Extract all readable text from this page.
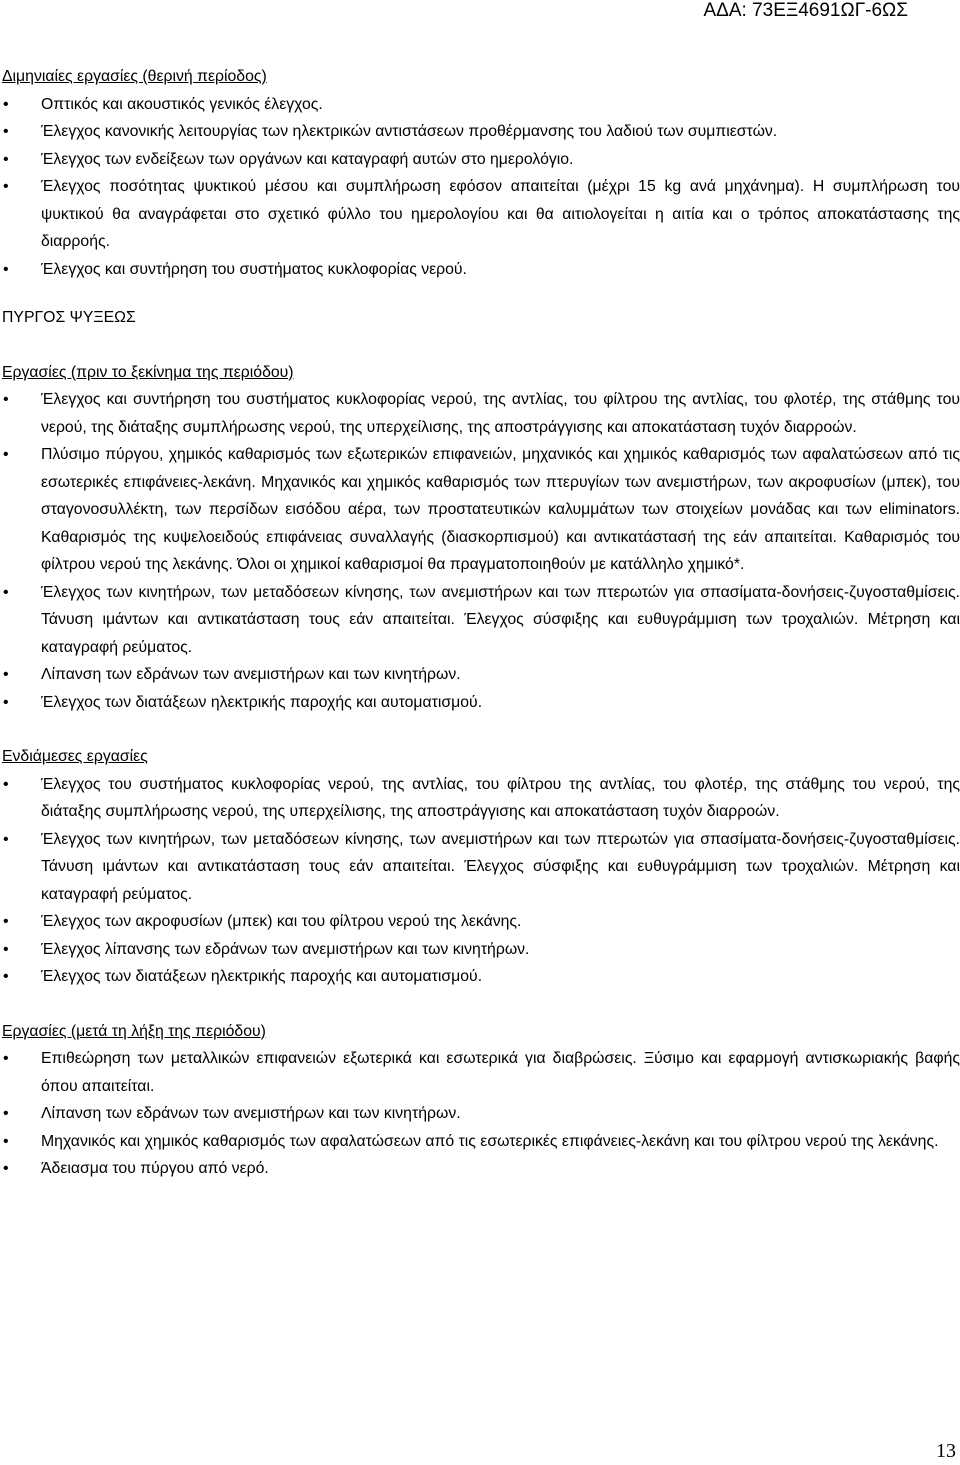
ΑΔΑ: 73ΕΞ4691ΩΓ-6ΩΣ

Διμηνιαίες εργασίες (θερινή περίοδος)

• Οπτικός και ακουστικός γενικός έλεγχος.
• Έλεγχος κανονικής λειτουργίας των ηλεκτρικών αντιστάσεων προθέρμανσης του λαδιού των συμπιεστών.
• Έλεγχος των ενδείξεων των οργάνων και καταγραφή αυτών στο ημερολόγιο.
• Έλεγχος ποσότητας ψυκτικού μέσου και συμπλήρωση εφόσον απαιτείται (μέχρι 15 kg ανά μηχάνημα). Η συμπλήρωση του ψυκτικού θα αναγράφεται στο σχετικό φύλλο του ημερολογίου και θα αιτιολογείται η αιτία και ο τρόπος αποκατάστασης της διαρροής.
• Έλεγχος και συντήρηση του συστήματος κυκλοφορίας νερού.

ΠΥΡΓΟΣ ΨΥΞΕΩΣ

Εργασίες (πριν το ξεκίνημα της περιόδου)

• Έλεγχος και συντήρηση του συστήματος κυκλοφορίας νερού, της αντλίας, του φίλτρου της αντλίας, του φλοτέρ, της στάθμης του νερού, της διάταξης συμπλήρωσης νερού, της υπερχείλισης, της αποστράγγισης και αποκατάσταση τυχόν διαρροών.
• Πλύσιμο πύργου, χημικός καθαρισμός των εξωτερικών επιφανειών, μηχανικός και χημικός καθαρισμός των αφαλατώσεων από τις εσωτερικές επιφάνειες-λεκάνη. Μηχανικός και χημικός καθαρισμός των πτερυγίων των ανεμιστήρων, των ακροφυσίων (μπεκ), του σταγονοσυλλέκτη, των περσίδων εισόδου αέρα, των προστατευτικών καλυμμάτων των στοιχείων μονάδας και των eliminators. Καθαρισμός της κυψελοειδούς επιφάνειας συναλλαγής (διασκορπισμού) και αντικατάστασή της εάν απαιτείται. Καθαρισμός του φίλτρου νερού της λεκάνης. Όλοι οι χημικοί καθαρισμοί θα πραγματοποιηθούν με κατάλληλο χημικό*.
• Έλεγχος των κινητήρων, των μεταδόσεων κίνησης, των ανεμιστήρων και των πτερωτών για σπασίματα-δονήσεις-ζυγοσταθμίσεις. Τάνυση ιμάντων και αντικατάσταση τους εάν απαιτείται. Έλεγχος σύσφιξης και ευθυγράμμιση των τροχαλιών. Μέτρηση και καταγραφή ρεύματος.
• Λίπανση των εδράνων των ανεμιστήρων και των κινητήρων.
• Έλεγχος των διατάξεων ηλεκτρικής παροχής και αυτοματισμού.

Ενδιάμεσες εργασίες

• Έλεγχος του συστήματος κυκλοφορίας νερού, της αντλίας, του φίλτρου της αντλίας, του φλοτέρ, της στάθμης του νερού, της διάταξης συμπλήρωσης νερού, της υπερχείλισης, της αποστράγγισης και αποκατάσταση τυχόν διαρροών.
• Έλεγχος των κινητήρων, των μεταδόσεων κίνησης, των ανεμιστήρων και των πτερωτών για σπασίματα-δονήσεις-ζυγοσταθμίσεις. Τάνυση ιμάντων και αντικατάσταση τους εάν απαιτείται. Έλεγχος σύσφιξης και ευθυγράμμιση των τροχαλιών. Μέτρηση και καταγραφή ρεύματος.
• Έλεγχος των ακροφυσίων (μπεκ) και του φίλτρου νερού της λεκάνης.
• Έλεγχος λίπανσης των εδράνων των ανεμιστήρων και των κινητήρων.
• Έλεγχος των διατάξεων ηλεκτρικής παροχής και αυτοματισμού.

Εργασίες (μετά τη λήξη της περιόδου)

• Επιθεώρηση των μεταλλικών επιφανειών εξωτερικά και εσωτερικά για διαβρώσεις. Ξύσιμο και εφαρμογή αντισκωριακής βαφής όπου απαιτείται.
• Λίπανση των εδράνων των ανεμιστήρων και των κινητήρων.
• Μηχανικός και χημικός καθαρισμός των αφαλατώσεων από τις εσωτερικές επιφάνειες-λεκάνη και του φίλτρου νερού της λεκάνης.
• Άδειασμα του πύργου από νερό.
13
